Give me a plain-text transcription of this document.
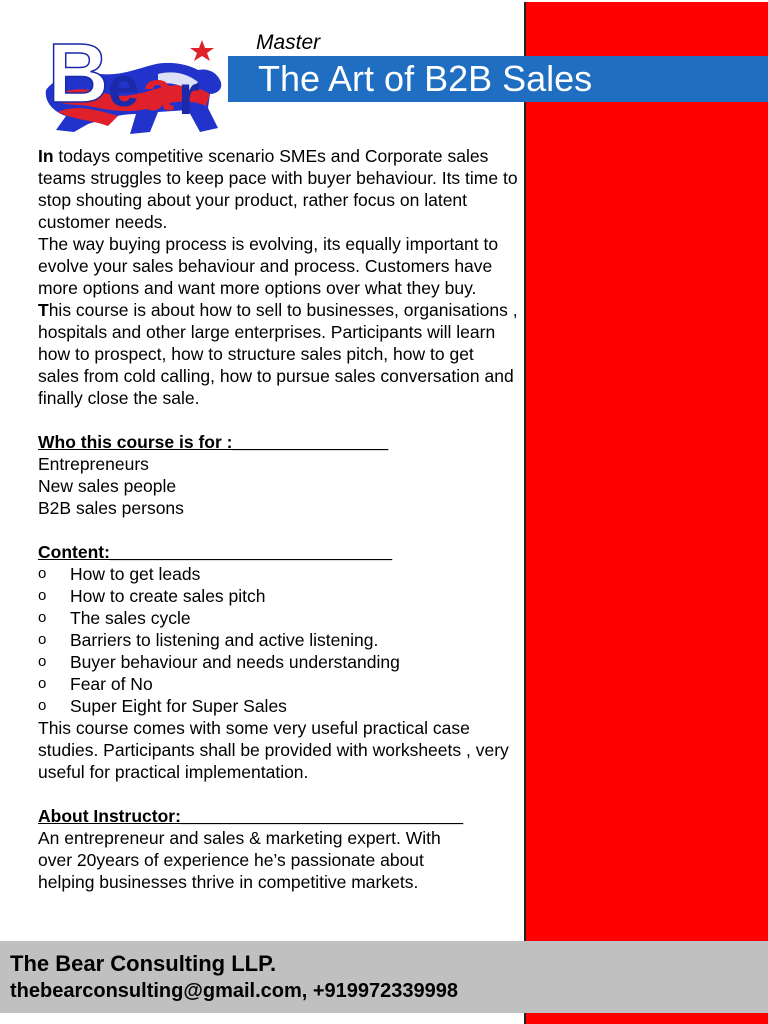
B e a r
Master
The Art of B2B Sales

In todays competitive scenario SMEs and Corporate sales teams struggles to keep pace with buyer behaviour. Its time to stop shouting about your product, rather focus on latent customer needs.

The way buying process is evolving, its equally important to evolve your sales behaviour and process. Customers have more options and want more options over what they buy.

This course is about how to sell to businesses, organisations , hospitals and other large enterprises. Participants will learn how to prospect, how to structure sales pitch, how to get sales from cold calling, how to pursue sales conversation and finally close the sale.

Who this course is for :________________

Entrepreneurs

New sales people

B2B sales persons

Content:_____________________________

o How to get leads
o How to create sales pitch
o The sales cycle
o Barriers to listening and active listening.
o Buyer behaviour and needs understanding
o Fear of No
o Super Eight for Super Sales

This course comes with some very useful practical case studies. Participants shall be provided with worksheets , very useful for practical implementation.

About Instructor:_____________________________

An entrepreneur and sales & marketing expert. With

over 20years of experience he’s passionate about

helping businesses thrive in competitive markets.

The Bear Consulting LLP.
thebearconsulting@gmail.com, +919972339998
